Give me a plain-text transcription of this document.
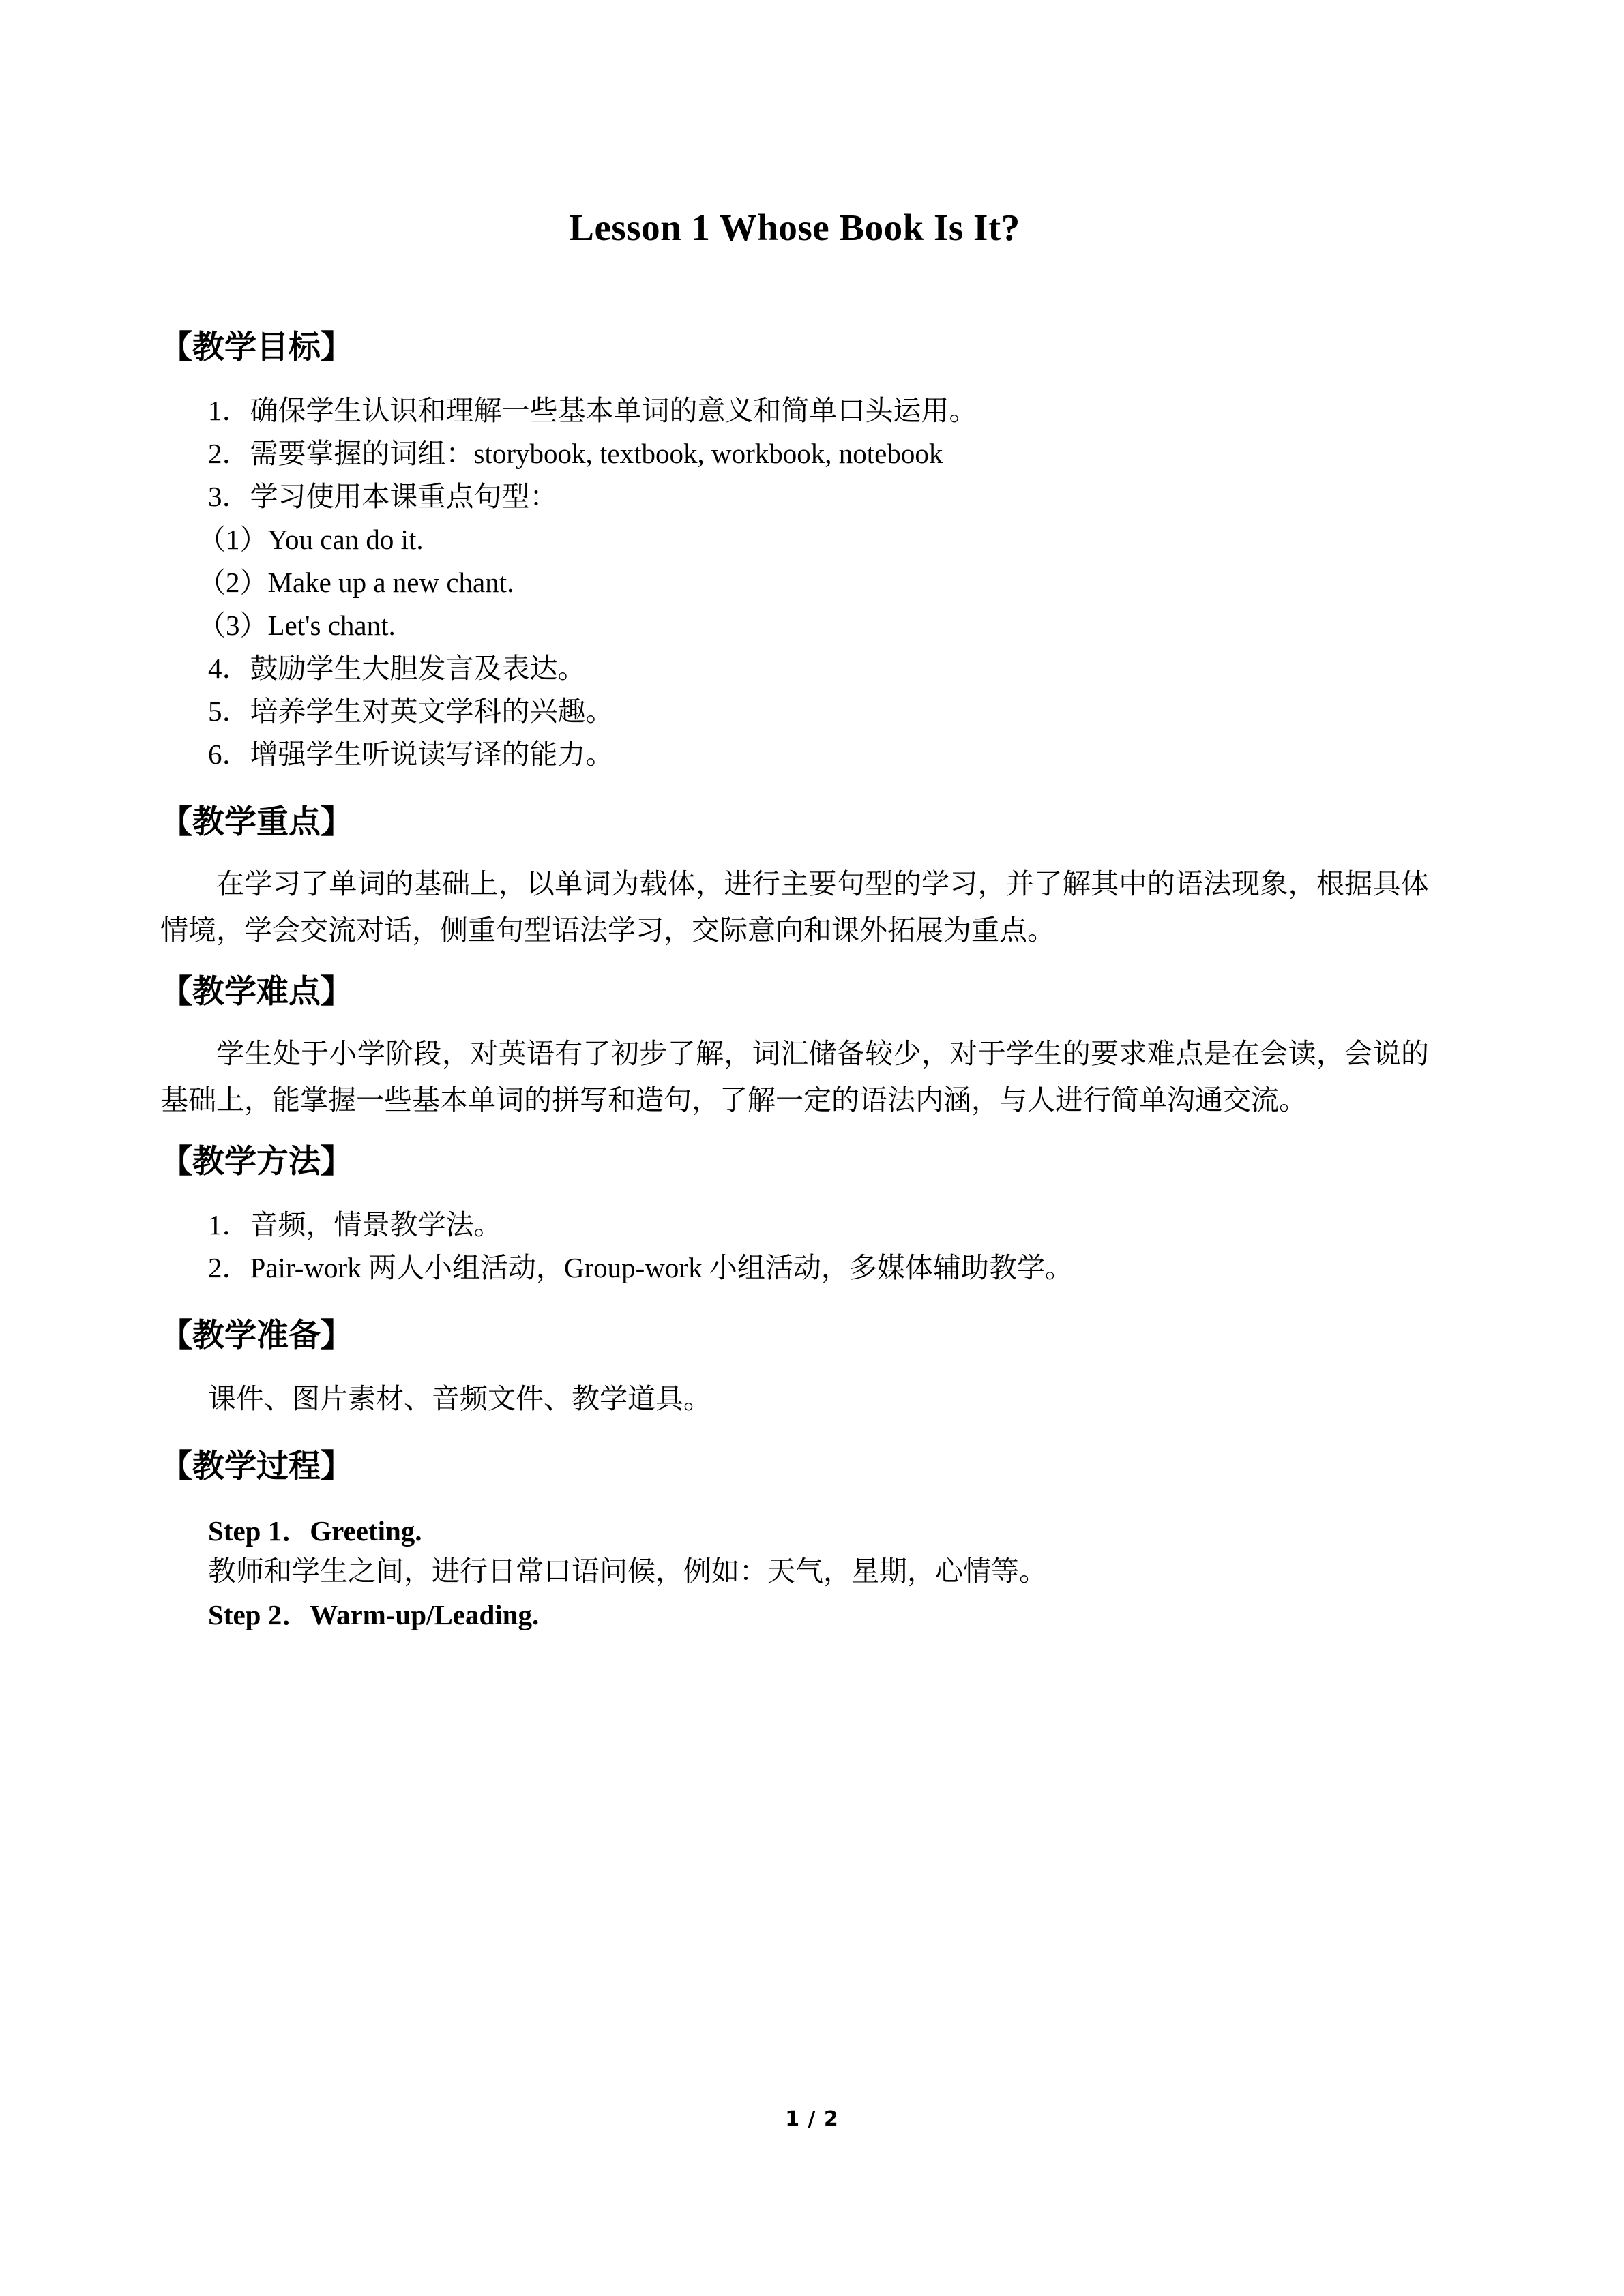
Lesson 1 Whose Book Is It?
【教学目标】
1．确保学生认识和理解一些基本单词的意义和简单口头运用。
2．需要掌握的词组：storybook, textbook, workbook, notebook
3．学习使用本课重点句型：
（1）You can do it.
（2）Make up a new chant.
（3）Let's chant.
4．鼓励学生大胆发言及表达。
5．培养学生对英文学科的兴趣。
6．增强学生听说读写译的能力。
【教学重点】
在学习了单词的基础上，以单词为载体，进行主要句型的学习，并了解其中的语法现象，根据具体情境，学会交流对话，侧重句型语法学习，交际意向和课外拓展为重点。
【教学难点】
学生处于小学阶段，对英语有了初步了解，词汇储备较少，对于学生的要求难点是在会读，会说的基础上，能掌握一些基本单词的拼写和造句，了解一定的语法内涵，与人进行简单沟通交流。
【教学方法】
1．音频，情景教学法。
2．Pair-work 两人小组活动，Group-work 小组活动，多媒体辅助教学。
【教学准备】
课件、图片素材、音频文件、教学道具。
【教学过程】
Step 1．Greeting.
教师和学生之间，进行日常口语问候，例如：天气，星期，心情等。
Step 2．Warm-up/Leading.
1 / 2
